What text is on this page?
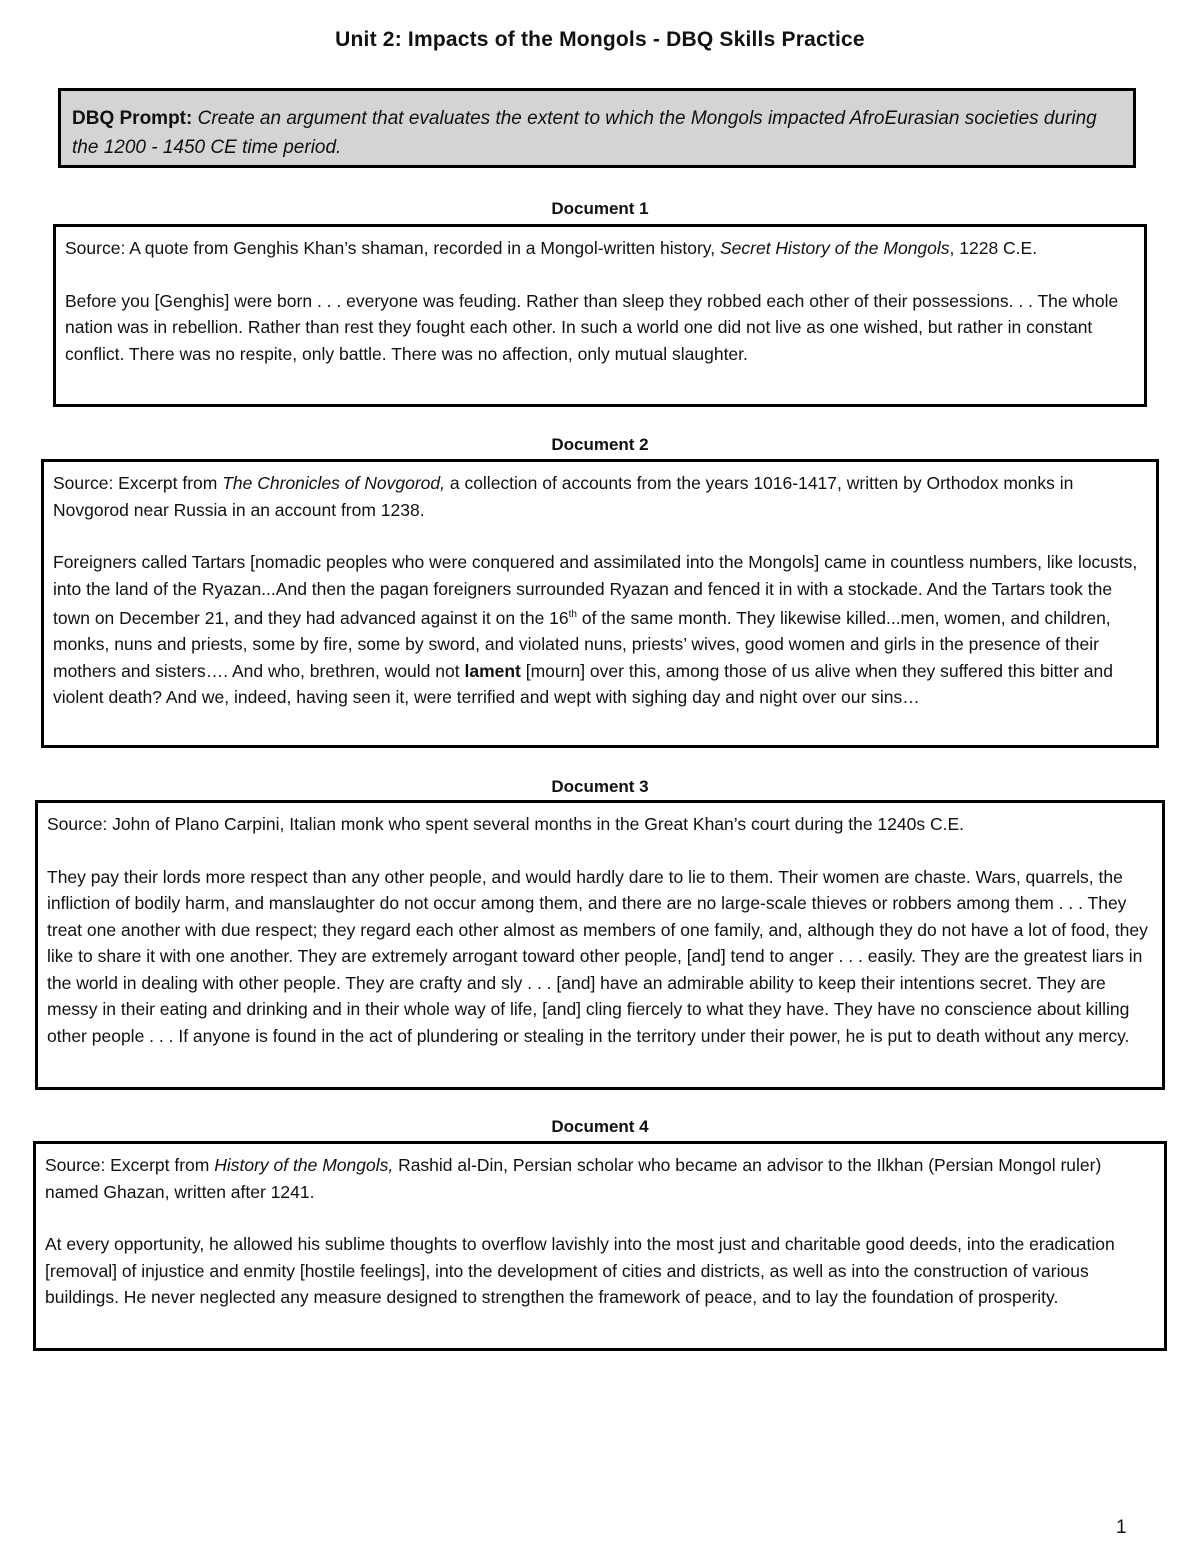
Unit 2: Impacts of the Mongols - DBQ Skills Practice
DBQ Prompt: Create an argument that evaluates the extent to which the Mongols impacted AfroEurasian societies during the 1200 - 1450 CE time period.
Document 1

Source: A quote from Genghis Khan’s shaman, recorded in a Mongol-written history, Secret History of the Mongols, 1228 C.E.

Before you [Genghis] were born . . . everyone was feuding. Rather than sleep they robbed each other of their possessions. . . The whole nation was in rebellion. Rather than rest they fought each other. In such a world one did not live as one wished, but rather in constant conflict. There was no respite, only battle. There was no affection, only mutual slaughter.

Document 2

Source: Excerpt from The Chronicles of Novgorod, a collection of accounts from the years 1016-1417, written by Orthodox monks in Novgorod near Russia in an account from 1238.

Foreigners called Tartars [nomadic peoples who were conquered and assimilated into the Mongols] came in countless numbers, like locusts, into the land of the Ryazan...And then the pagan foreigners surrounded Ryazan and fenced it in with a stockade. And the Tartars took the town on December 21, and they had advanced against it on the 16th of the same month. They likewise killed...men, women, and children, monks, nuns and priests, some by fire, some by sword, and violated nuns, priests’ wives, good women and girls in the presence of their mothers and sisters…. And who, brethren, would not lament [mourn] over this, among those of us alive when they suffered this bitter and violent death? And we, indeed, having seen it, were terrified and wept with sighing day and night over our sins…

Document 3

Source: John of Plano Carpini, Italian monk who spent several months in the Great Khan’s court during the 1240s C.E.

They pay their lords more respect than any other people, and would hardly dare to lie to them. Their women are chaste. Wars, quarrels, the infliction of bodily harm, and manslaughter do not occur among them, and there are no large-scale thieves or robbers among them . . . They treat one another with due respect; they regard each other almost as members of one family, and, although they do not have a lot of food, they like to share it with one another. They are extremely arrogant toward other people, [and] tend to anger . . . easily. They are the greatest liars in the world in dealing with other people. They are crafty and sly . . . [and] have an admirable ability to keep their intentions secret. They are messy in their eating and drinking and in their whole way of life, [and] cling fiercely to what they have. They have no conscience about killing other people . . . If anyone is found in the act of plundering or stealing in the territory under their power, he is put to death without any mercy.

Document 4

Source: Excerpt from History of the Mongols, Rashid al-Din, Persian scholar who became an advisor to the Ilkhan (Persian Mongol ruler) named Ghazan, written after 1241.

At every opportunity, he allowed his sublime thoughts to overflow lavishly into the most just and charitable good deeds, into the eradication [removal] of injustice and enmity [hostile feelings], into the development of cities and districts, as well as into the construction of various buildings. He never neglected any measure designed to strengthen the framework of peace, and to lay the foundation of prosperity.

1
